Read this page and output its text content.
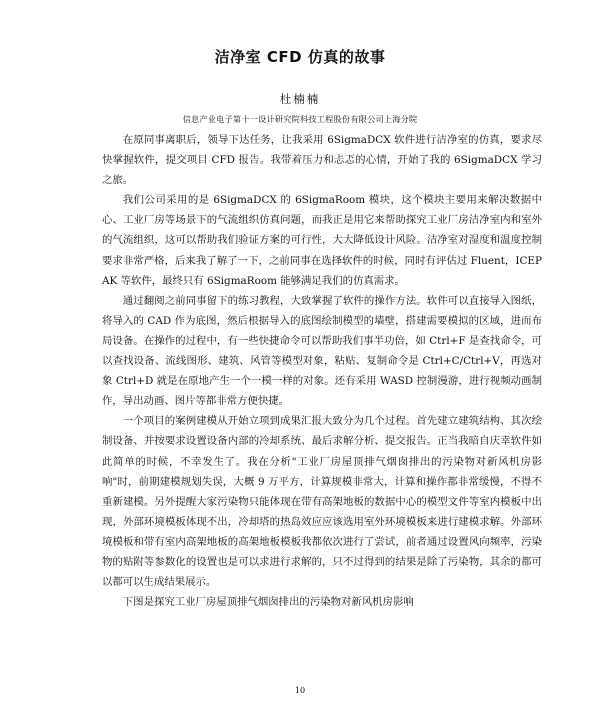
洁净室 CFD 仿真的故事
杜楠楠
信息产业电子第十一设计研究院科技工程股份有限公司上海分院

在原同事离职后，领导下达任务，让我采用 6SigmaDCX 软件进行洁净室的仿真，要求尽快掌握软件，提交项目 CFD 报告。我带着压力和忐忑的心情，开始了我的 6SigmaDCX 学习之旅。

我们公司采用的是 6SigmaDCX 的 6SigmaRoom 模块，这个模块主要用来解决数据中心、工业厂房等场景下的气流组织仿真问题，而我正是用它来帮助探究工业厂房洁净室内和室外的气流组织，这可以帮助我们验证方案的可行性，大大降低设计风险。洁净室对湿度和温度控制要求非常严格，后来我了解了一下，之前同事在选择软件的时候，同时有评估过 Fluent，ICEPAK 等软件，最终只有 6SigmaRoom 能够满足我们的仿真需求。

通过翻阅之前同事留下的练习教程，大致掌握了软件的操作方法。软件可以直接导入图纸，将导入的 CAD 作为底图，然后根据导入的底图绘制模型的墙壁，搭建需要模拟的区域，进而布局设备。在操作的过程中，有一些快捷命令可以帮助我们事半功倍，如 Ctrl+F 是查找命令，可以查找设备、流线图形、建筑、风管等模型对象，粘贴、复制命令是 Ctrl+C/Ctrl+V，再选对象 Ctrl+D 就是在原地产生一个一模一样的对象。还有采用 WASD 控制漫游，进行视频动画制作，导出动画、图片等都非常方便快捷。

一个项目的案例建模从开始立项到成果汇报大致分为几个过程。首先建立建筑结构、其次绘制设备、并按要求设置设备内部的冷却系统、最后求解分析、提交报告。正当我暗自庆幸软件如此简单的时候，不幸发生了。我在分析"工业厂房屋顶排气烟囱排出的污染物对新风机房影响"时，前期建模规划失误，大概 9 万平方，计算规模非常大，计算和操作都非常缓慢，不得不重新建模。另外提醒大家污染物只能体现在带有高架地板的数据中心的模型文件等室内模板中出现，外部环境模板体现不出，冷却塔的热岛效应应该选用室外环境模板来进行建模求解。外部环境模板和带有室内高架地板的高架地板模板我都依次进行了尝试，前者通过设置风向频率，污染物的贴附等参数化的设置也是可以求进行求解的，只不过得到的结果是除了污染物，其余的都可以都可以生成结果展示。

下图是探究工业厂房屋顶排气烟囱排出的污染物对新风机房影响

10
